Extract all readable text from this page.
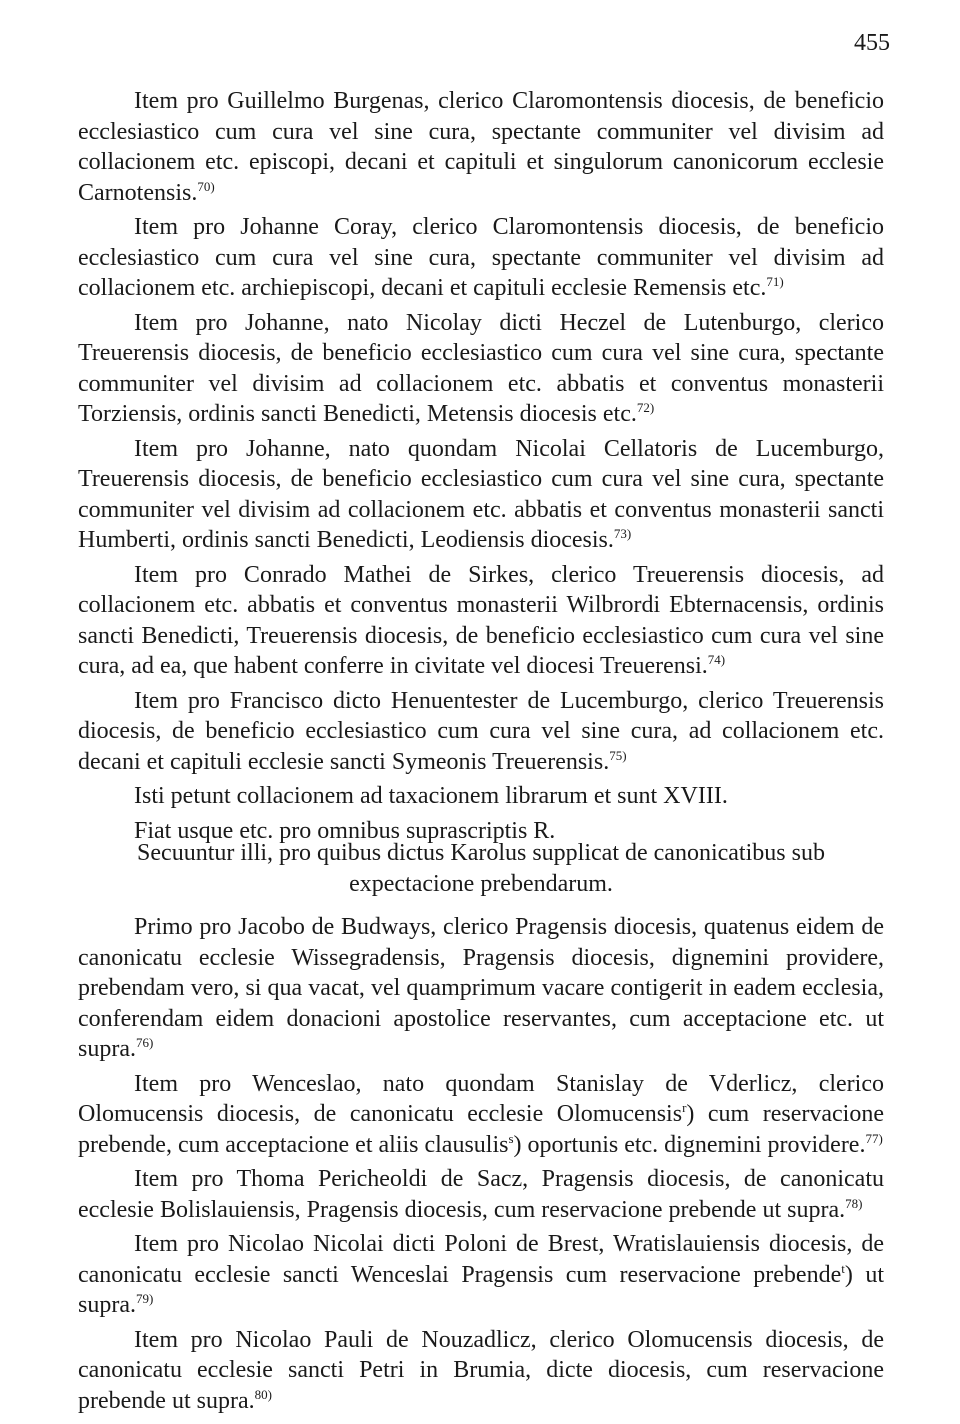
455

Item pro Guillelmo Burgenas, clerico Claromontensis diocesis, de beneficio ecclesiastico cum cura vel sine cura, spectante communiter vel divisim ad collacionem etc. episcopi, decani et capituli et singulorum canonicorum ecclesie Carnotensis.$^{70)}$

Item pro Johanne Coray, clerico Claromontensis diocesis, de beneficio ecclesiastico cum cura vel sine cura, spectante communiter vel divisim ad collacionem etc. archiepiscopi, decani et capituli ecclesie Remensis etc.$^{71)}$

Item pro Johanne, nato Nicolay dicti Heczel de Lutenburgo, clerico Treuerensis diocesis, de beneficio ecclesiastico cum cura vel sine cura, spectante communiter vel divisim ad collacionem etc. abbatis et conventus monasterii Torziensis, ordinis sancti Benedicti, Metensis diocesis etc.$^{72)}$

Item pro Johanne, nato quondam Nicolai Cellatoris de Lucemburgo, Treuerensis diocesis, de beneficio ecclesiastico cum cura vel sine cura, spectante communiter vel divisim ad collacionem etc. abbatis et conventus monasterii sancti Humberti, ordinis sancti Benedicti, Leodiensis diocesis.$^{73)}$

Item pro Conrado Mathei de Sirkes, clerico Treuerensis diocesis, ad collacionem etc. abbatis et conventus monasterii Wilbrordi Ebternacensis, ordinis sancti Benedicti, Treuerensis diocesis, de beneficio ecclesiastico cum cura vel sine cura, ad ea, que habent conferre in civitate vel diocesi Treuerensi.$^{74)}$

Item pro Francisco dicto Henuentester de Lucemburgo, clerico Treuerensis diocesis, de beneficio ecclesiastico cum cura vel sine cura, ad collacionem etc. decani et capituli ecclesie sancti Symeonis Treuerensis.$^{75)}$

Isti petunt collacionem ad taxacionem librarum et sunt XVIII.

Fiat usque etc. pro omnibus suprascriptis R.

Secuuntur illi, pro quibus dictus Karolus supplicat de canonicatibus sub expectacione prebendarum.

Primo pro Jacobo de Budways, clerico Pragensis diocesis, quatenus eidem de canonicatu ecclesie Wissegradensis, Pragensis diocesis, dignemini providere, prebendam vero, si qua vacat, vel quamprimum vacare contigerit in eadem ecclesia, conferendam eidem donacioni apostolice reservantes, cum acceptacione etc. ut supra.$^{76)}$

Item pro Wenceslao, nato quondam Stanislay de Vderlicz, clerico Olomucensis diocesis, de canonicatu ecclesie Olomucensis$^r$) cum reservacione prebende, cum acceptacione et aliis clausulis$^s$) oportunis etc. dignemini providere.$^{77)}$

Item pro Thoma Pericheoldi de Sacz, Pragensis diocesis, de canonicatu ecclesie Bolislauiensis, Pragensis diocesis, cum reservacione prebende ut supra.$^{78)}$

Item pro Nicolao Nicolai dicti Poloni de Brest, Wratislauiensis diocesis, de canonicatu ecclesie sancti Wenceslai Pragensis cum reservacione prebende$^t$) ut supra.$^{79)}$

Item pro Nicolao Pauli de Nouzadlicz, clerico Olomucensis diocesis, de canonicatu ecclesie sancti Petri in Brumia, dicte diocesis, cum reservacione prebende ut supra.$^{80)}$
